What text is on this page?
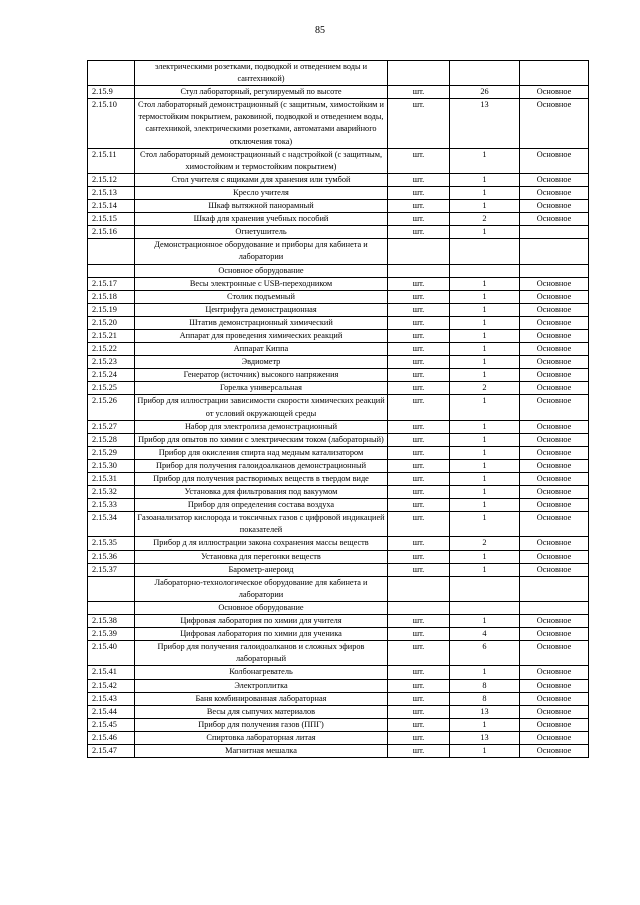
85
	электрическими розетками, подводкой и отведением воды и сантехникой)			
2.15.9	Стул лабораторный, регулируемый по высоте	шт.	26	Основное
2.15.10	Стол лабораторный демонстрационный (с защитным, химостойким и термостойким покрытием, раковиной, подводкой и отведением воды, сантехникой, электрическими розетками, автоматами аварийного отключения тока)	шт.	13	Основное
2.15.11	Стол лабораторный демонстрационный с надстройкой (с защитным, химостойким и термостойким покрытием)	шт.	1	Основное
2.15.12	Стол учителя с ящиками для хранения или тумбой	шт.	1	Основное
2.15.13	Кресло учителя	шт.	1	Основное
2.15.14	Шкаф вытяжной панорамный	шт.	1	Основное
2.15.15	Шкаф для хранения учебных пособий	шт.	2	Основное
2.15.16	Огнетушитель	шт.	1	
	Демонстрационное оборудование и приборы для кабинета и лаборатории			
	Основное оборудование			
2.15.17	Весы электронные с USB-переходником	шт.	1	Основное
2.15.18	Столик подъемный	шт.	1	Основное
2.15.19	Центрифуга демонстрационная	шт.	1	Основное
2.15.20	Штатив демонстрационный химический	шт.	1	Основное
2.15.21	Аппарат для проведения химических реакций	шт.	1	Основное
2.15.22	Аппарат Киппа	шт.	1	Основное
2.15.23	Эвдиометр	шт.	1	Основное
2.15.24	Генератор (источник) высокого напряжения	шт.	1	Основное
2.15.25	Горелка универсальная	шт.	2	Основное
2.15.26	Прибор для иллюстрации зависимости скорости химических реакций от условий окружающей среды	шт.	1	Основное
2.15.27	Набор для электролиза демонстрационный	шт.	1	Основное
2.15.28	Прибор для опытов по химии с электрическим током (лабораторный)	шт.	1	Основное
2.15.29	Прибор для окисления спирта над медным катализатором	шт.	1	Основное
2.15.30	Прибор для получения галоидоалканов демонстрационный	шт.	1	Основное
2.15.31	Прибор для получения растворимых веществ в твердом виде	шт.	1	Основное
2.15.32	Установка для фильтрования под вакуумом	шт.	1	Основное
2.15.33	Прибор для определения состава воздуха	шт.	1	Основное
2.15.34	Газоанализатор кислорода и токсичных газов с цифровой индикацией показателей	шт.	1	Основное
2.15.35	Прибор д ля иллюстрации закона сохранения массы веществ	шт.	2	Основное
2.15.36	Установка для перегонки веществ	шт.	1	Основное
2.15.37	Барометр-анероид	шт.	1	Основное
	Лабораторно-технологическое оборудование для кабинета и лаборатории			
	Основное оборудование			
2.15.38	Цифровая лаборатория по химии для учителя	шт.	1	Основное
2.15.39	Цифровая лаборатория по химии для ученика	шт.	4	Основное
2.15.40	Прибор для получения галоидоалканов и сложных эфиров лабораторный	шт.	6	Основное
2.15.41	Колбонагреватель	шт.	1	Основное
2.15.42	Электроплитка	шт.	8	Основное
2.15.43	Баня комбинированная лабораторная	шт.	8	Основное
2.15.44	Весы для сыпучих материалов	шт.	13	Основное
2.15.45	Прибор для получения газов (ППГ)	шт.	1	Основное
2.15.46	Спиртовка лабораторная литая	шт.	13	Основное
2.15.47	Магнитная мешалка	шт.	1	Основное
